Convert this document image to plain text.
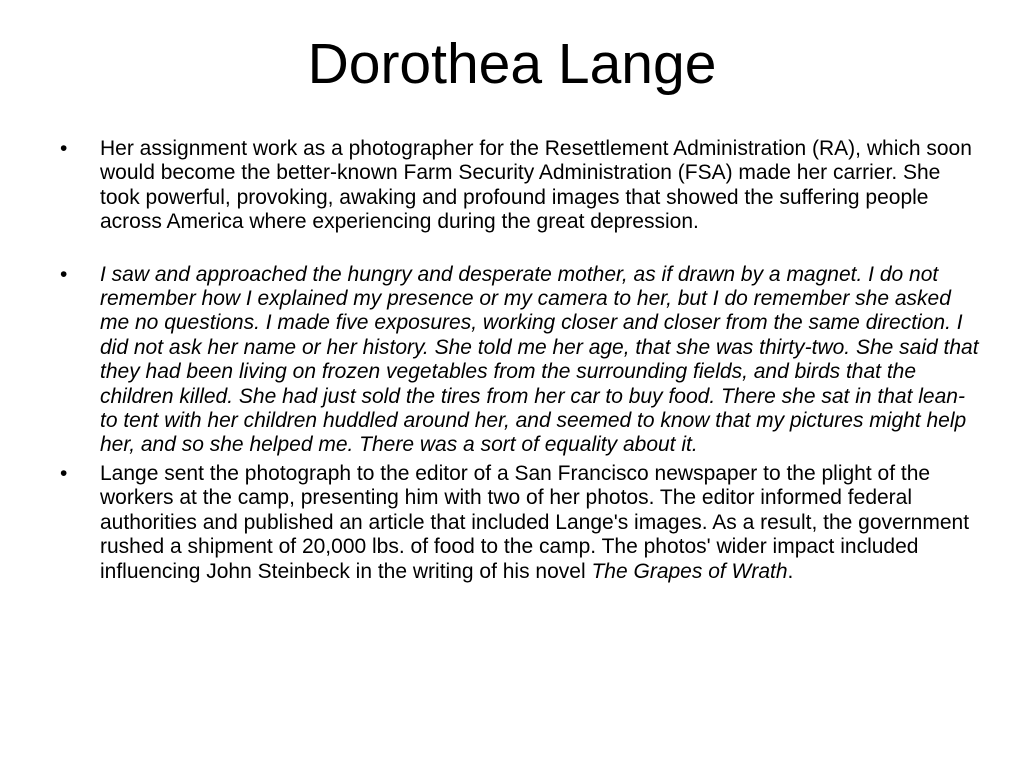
Dorothea Lange
•	Her assignment work as a photographer for the Resettlement Administration (RA), which soon would become the better-known Farm Security Administration (FSA) made her carrier. She took powerful, provoking, awaking and profound images that showed the suffering people across America where experiencing during the great depression.
•	I saw and approached the hungry and desperate mother, as if drawn by a magnet. I do not remember how I explained my presence or my camera to her, but I do remember she asked me no questions. I made five exposures, working closer and closer from the same direction. I did not ask her name or her history. She told me her age, that she was thirty-two. She said that they had been living on frozen vegetables from the surrounding fields, and birds that the children killed. She had just sold the tires from her car to buy food. There she sat in that lean-to tent with her children huddled around her, and seemed to know that my pictures might help her, and so she helped me. There was a sort of equality about it.
•	Lange sent the photograph to the editor of a San Francisco newspaper to the plight of the workers at the camp, presenting him with two of her photos. The editor informed federal authorities and published an article that included Lange's images. As a result, the government rushed a shipment of 20,000 lbs. of food to the camp. The photos' wider impact included influencing John Steinbeck in the writing of his novel The Grapes of Wrath.
